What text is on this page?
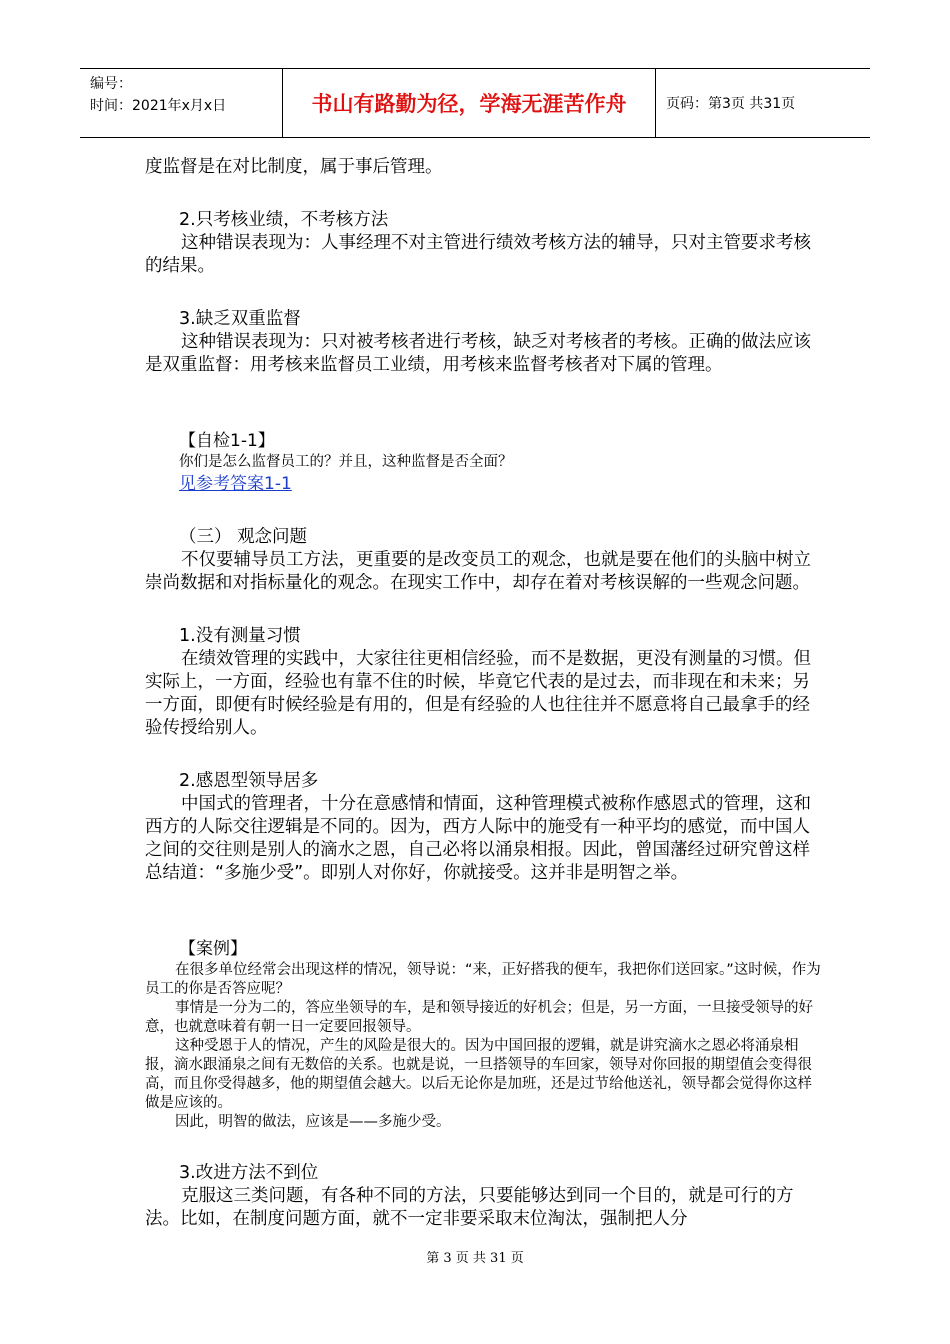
编号：
时间：2021年x月x日	书山有路勤为径，学海无涯苦作舟	页码：第3页 共31页

度监督是在对比制度，属于事后管理。

2.只考核业绩，不考核方法

这种错误表现为：人事经理不对主管进行绩效考核方法的辅导，只对主管要求考核的结果。

3.缺乏双重监督

这种错误表现为：只对被考核者进行考核，缺乏对考核者的考核。正确的做法应该是双重监督：用考核来监督员工业绩，用考核来监督考核者对下属的管理。

【自检1-1】

你们是怎么监督员工的？并且，这种监督是否全面？

见参考答案1-1

（三） 观念问题

不仅要辅导员工方法，更重要的是改变员工的观念，也就是要在他们的头脑中树立崇尚数据和对指标量化的观念。在现实工作中，却存在着对考核误解的一些观念问题。

1.没有测量习惯

在绩效管理的实践中，大家往往更相信经验，而不是数据，更没有测量的习惯。但实际上，一方面，经验也有靠不住的时候，毕竟它代表的是过去，而非现在和未来；另一方面，即便有时候经验是有用的，但是有经验的人也往往并不愿意将自己最拿手的经验传授给别人。

2.感恩型领导居多

中国式的管理者，十分在意感情和情面，这种管理模式被称作感恩式的管理，这和西方的人际交往逻辑是不同的。因为，西方人际中的施受有一种平均的感觉，而中国人之间的交往则是别人的滴水之恩，自己必将以涌泉相报。因此，曾国藩经过研究曾这样总结道：“多施少受”。即别人对你好，你就接受。这并非是明智之举。

【案例】

在很多单位经常会出现这样的情况，领导说：“来，正好搭我的便车，我把你们送回家。”这时候，作为员工的你是否答应呢？

事情是一分为二的，答应坐领导的车，是和领导接近的好机会；但是，另一方面，一旦接受领导的好意，也就意味着有朝一日一定要回报领导。

这种受恩于人的情况，产生的风险是很大的。因为中国回报的逻辑，就是讲究滴水之恩必将涌泉相报，滴水跟涌泉之间有无数倍的关系。也就是说，一旦搭领导的车回家，领导对你回报的期望值会变得很高，而且你受得越多，他的期望值会越大。以后无论你是加班，还是过节给他送礼，领导都会觉得你这样做是应该的。

因此，明智的做法，应该是——多施少受。

3.改进方法不到位

克服这三类问题，有各种不同的方法，只要能够达到同一个目的，就是可行的方法。比如，在制度问题方面，就不一定非要采取末位淘汰，强制把人分

第 3 页 共 31 页
